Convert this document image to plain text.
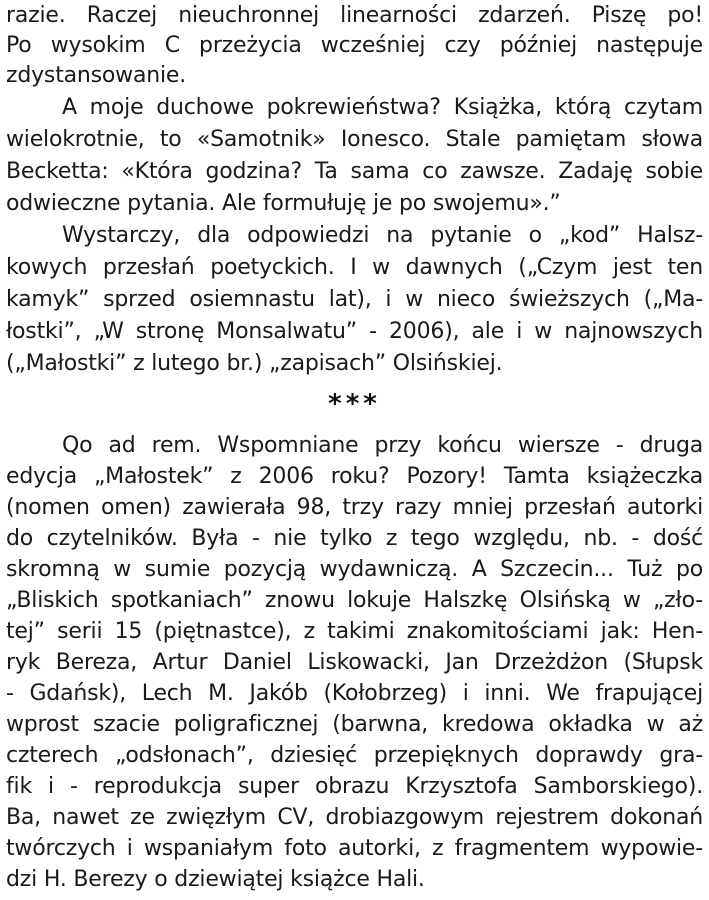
razie. Raczej nieuchronnej linearności zdarzeń. Piszę po!
Po wysokim C przeżycia wcześniej czy później następuje
zdystansowanie.
A moje duchowe pokrewieństwa? Książka, którą czytam
wielokrotnie, to «Samotnik» Ionesco. Stale pamiętam słowa
Becketta: «Która godzina? Ta sama co zawsze. Zadaję sobie
odwieczne pytania. Ale formułuję je po swojemu».”
Wystarczy, dla odpowiedzi na pytanie o „kod” Halsz-
kowych przesłań poetyckich. I w dawnych („Czym jest ten
kamyk” sprzed osiemnastu lat), i w nieco świeższych („Ma-
łostki”, „W stronę Monsalwatu” - 2006), ale i w najnowszych
(„Małostki” z lutego br.) „zapisach” Olsińskiej.
***
Qo ad rem. Wspomniane przy końcu wiersze - druga
edycja „Małostek” z 2006 roku? Pozory! Tamta książeczka
(nomen omen) zawierała 98, trzy razy mniej przesłań autorki
do czytelników. Była - nie tylko z tego względu, nb. - dość
skromną w sumie pozycją wydawniczą. A Szczecin... Tuż po
„Bliskich spotkaniach” znowu lokuje Halszkę Olsińską w „zło-
tej” serii 15 (piętnastce), z takimi znakomitościami jak: Hen-
ryk Bereza, Artur Daniel Liskowacki, Jan Drzeżdżon (Słupsk
- Gdańsk), Lech M. Jakób (Kołobrzeg) i inni. We frapującej
wprost szacie poligraficznej (barwna, kredowa okładka w aż
czterech „odsłonach”, dziesięć przepięknych doprawdy gra-
fik i - reprodukcja super obrazu Krzysztofa Samborskiego).
Ba, nawet ze zwięzłym CV, drobiazgowym rejestrem dokonań
twórczych i wspaniałym foto autorki, z fragmentem wypowie-
dzi H. Berezy o dziewiątej książce Hali.
